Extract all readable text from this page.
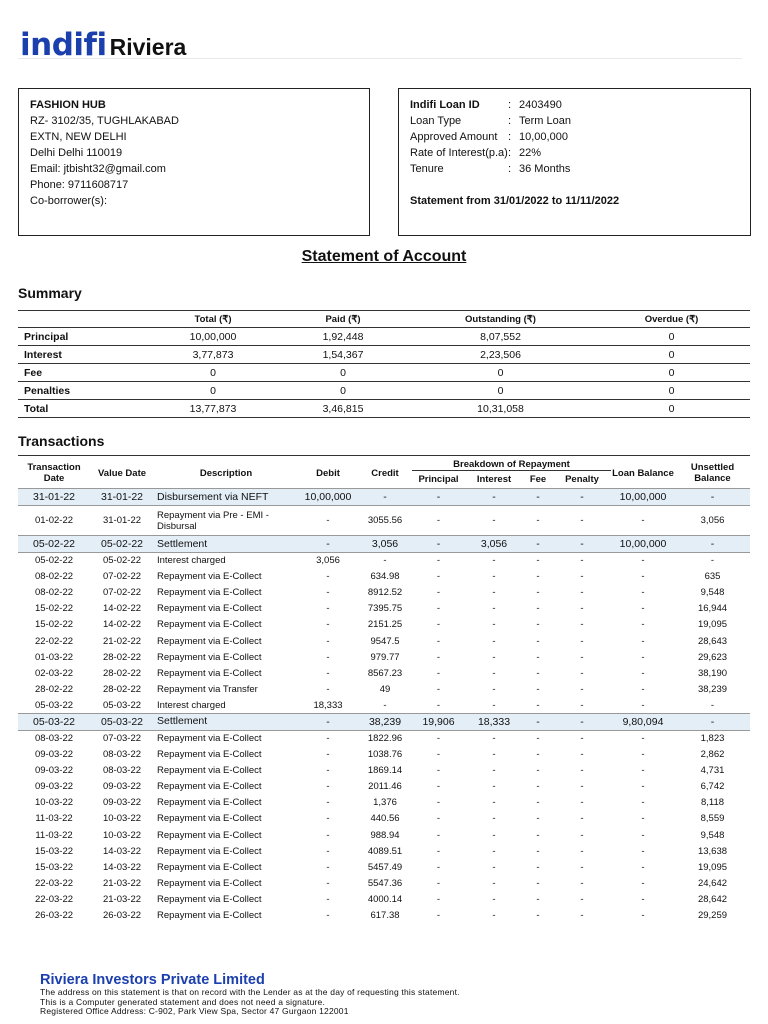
indifi Riviera
FASHION HUB
RZ- 3102/35, TUGHLAKABAD
EXTN, NEW DELHI
Delhi Delhi 110019
Email: jtbisht32@gmail.com
Phone: 9711608717
Co-borrower(s):
Indifi Loan ID	: 2403490
Loan Type	: Term Loan
Approved Amount : 10,00,000
Rate of Interest(p.a) : 22%
Tenure	: 36 Months
Statement from 31/01/2022 to 11/11/2022
Statement of Account
Summary
	Total (₹)	Paid (₹)	Outstanding (₹)	Overdue (₹)
Principal	10,00,000	1,92,448	8,07,552	0
Interest	3,77,873	1,54,367	2,23,506	0
Fee	0	0	0	0
Penalties	0	0	0	0
Total	13,77,873	3,46,815	10,31,058	0
Transactions
Transaction Date	Value Date	Description	Debit	Credit	Breakdown of Repayment				Loan Balance	Unsettled Balance
					Principal	Interest	Fee	Penalty		
31-01-22	31-01-22	Disbursement via NEFT	10,00,000	-	-	-	-	-	10,00,000	-
01-02-22	31-01-22	Repayment via Pre - EMI - Disbursal	-	3055.56	-	-	-	-	-	3,056
05-02-22	05-02-22	Settlement	-	3,056	-	3,056	-	-	10,00,000	-
05-02-22	05-02-22	Interest charged	3,056	-	-	-	-	-	-	-
08-02-22	07-02-22	Repayment via E-Collect	-	634.98	-	-	-	-	-	635
08-02-22	07-02-22	Repayment via E-Collect	-	8912.52	-	-	-	-	-	9,548
15-02-22	14-02-22	Repayment via E-Collect	-	7395.75	-	-	-	-	-	16,944
15-02-22	14-02-22	Repayment via E-Collect	-	2151.25	-	-	-	-	-	19,095
22-02-22	21-02-22	Repayment via E-Collect	-	9547.5	-	-	-	-	-	28,643
01-03-22	28-02-22	Repayment via E-Collect	-	979.77	-	-	-	-	-	29,623
02-03-22	28-02-22	Repayment via E-Collect	-	8567.23	-	-	-	-	-	38,190
28-02-22	28-02-22	Repayment via Transfer	-	49	-	-	-	-	-	38,239
05-03-22	05-03-22	Interest charged	18,333	-	-	-	-	-	-	-
05-03-22	05-03-22	Settlement	-	38,239	19,906	18,333	-	-	9,80,094	-
08-03-22	07-03-22	Repayment via E-Collect	-	1822.96	-	-	-	-	-	1,823
09-03-22	08-03-22	Repayment via E-Collect	-	1038.76	-	-	-	-	-	2,862
09-03-22	08-03-22	Repayment via E-Collect	-	1869.14	-	-	-	-	-	4,731
09-03-22	09-03-22	Repayment via E-Collect	-	2011.46	-	-	-	-	-	6,742
10-03-22	09-03-22	Repayment via E-Collect	-	1,376	-	-	-	-	-	8,118
11-03-22	10-03-22	Repayment via E-Collect	-	440.56	-	-	-	-	-	8,559
11-03-22	10-03-22	Repayment via E-Collect	-	988.94	-	-	-	-	-	9,548
15-03-22	14-03-22	Repayment via E-Collect	-	4089.51	-	-	-	-	-	13,638
15-03-22	14-03-22	Repayment via E-Collect	-	5457.49	-	-	-	-	-	19,095
22-03-22	21-03-22	Repayment via E-Collect	-	5547.36	-	-	-	-	-	24,642
22-03-22	21-03-22	Repayment via E-Collect	-	4000.14	-	-	-	-	-	28,642
26-03-22	26-03-22	Repayment via E-Collect	-	617.38	-	-	-	-	-	29,259
Riviera Investors Private Limited
The address on this statement is that on record with the Lender as at the day of requesting this statement.
This is a Computer generated statement and does not need a signature.
Registered Office Address: C-902, Park View Spa, Sector 47 Gurgaon 122001
